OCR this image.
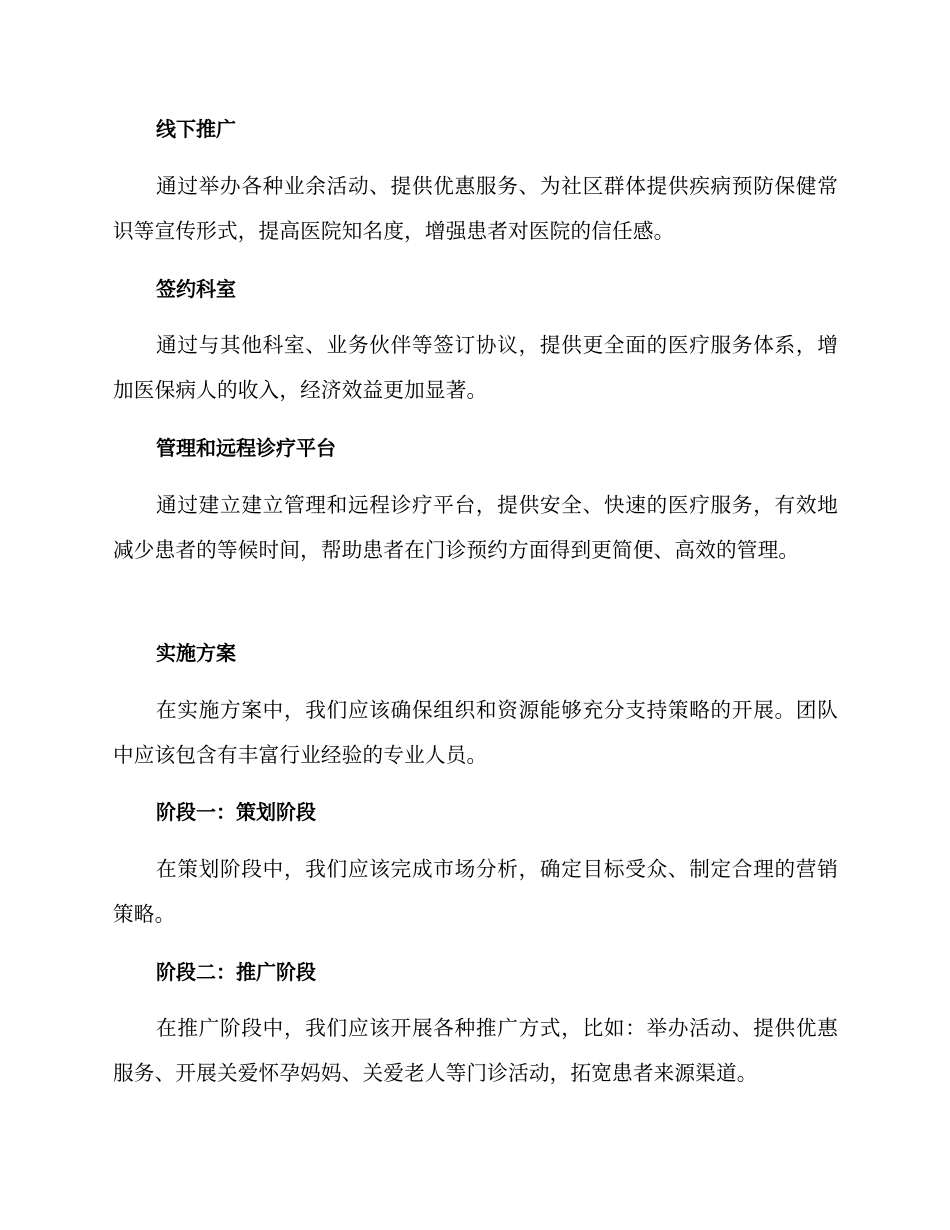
线下推广

通过举办各种业余活动、提供优惠服务、为社区群体提供疾病预防保健常识等宣传形式，提高医院知名度，增强患者对医院的信任感。

签约科室

通过与其他科室、业务伙伴等签订协议，提供更全面的医疗服务体系，增加医保病人的收入，经济效益更加显著。

管理和远程诊疗平台

通过建立建立管理和远程诊疗平台，提供安全、快速的医疗服务，有效地减少患者的等候时间，帮助患者在门诊预约方面得到更简便、高效的管理。

实施方案

在实施方案中，我们应该确保组织和资源能够充分支持策略的开展。团队中应该包含有丰富行业经验的专业人员。

阶段一：策划阶段

在策划阶段中，我们应该完成市场分析，确定目标受众、制定合理的营销策略。

阶段二：推广阶段

在推广阶段中，我们应该开展各种推广方式，比如：举办活动、提供优惠服务、开展关爱怀孕妈妈、关爱老人等门诊活动，拓宽患者来源渠道。
